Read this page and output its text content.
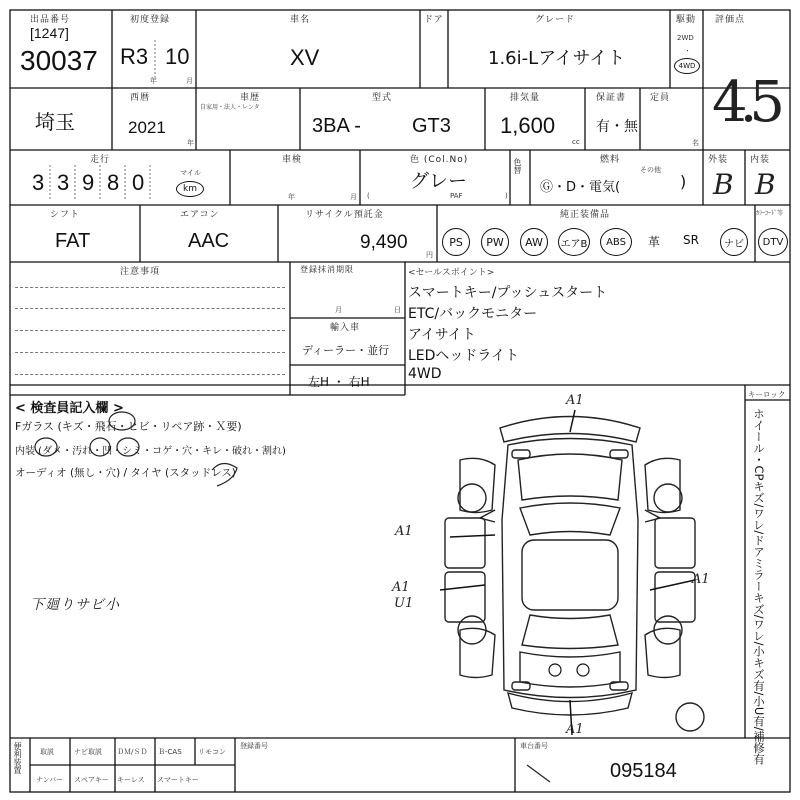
出品番号
[1247]
30037
初度登録
R3 10
年	月
車名
XV
ドア	グレード
1.6i-Lアイサイト
駆動
2WD
・
4WD
評価点
4.5
埼玉
西暦
2021
年
車歴
自家用・法人・レンタ
型式
3BA -	GT3
排気量
1,600
cc
保証書
有・無
定員
名
走行
3 3 9 8 0	マイル
km
車検
年	月
色 (Col.No)
グレー
PAF
(	)
色替	燃料
その他
Ⓖ・D・電気(	)
外装
B
内装
B
シフト
FAT
エアコン
AAC
リサイクル預託金
9,490
円
純正装備品	ｶﾗｰｺｰﾄﾞ等
PS	PW	AW	エアB	ABS	革 SR	ナビ	DTV
注意事項	登録抹消期限
月	日
輸入車
ディーラー・並行
左H ・ 右H
<セールスポイント>
スマートキー/プッシュスタート
ETC/バックモニター
アイサイト
LEDヘッドライト
4WD
< 検査員記入欄 >
Fガラス (キズ・飛石・ヒビ・リペア跡・Ｘ要)
内装 (ダメ・汚れ・凹・シミ・コゲ・穴・キレ・破れ・割れ)
オーディオ (無し・穴) / タイヤ (スタッドレス)
下廻りサビ小
A1
A1
A1
A1
U1
A1
キーロック
ホイール・CPキズ/ワレ/ドアミラーキズ/ワレ/小キズ有/小U有/補修有
便利装置	取説	ナビ取説 ＤＭ/ＳＤ Ｂ-CAS リモコン
ナンバー スペアキー キーレス スマートキー
登録番号	車台番号
095184
